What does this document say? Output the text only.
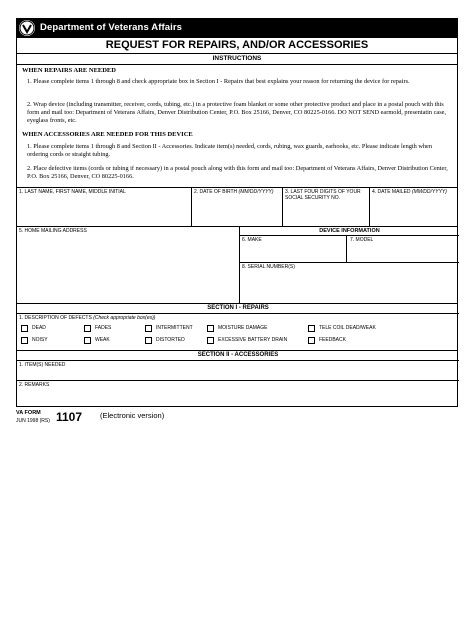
Department of Veterans Affairs
REQUEST FOR REPAIRS, AND/OR ACCESSORIES
INSTRUCTIONS
WHEN REPAIRS ARE NEEDED

1. Please complete items 1 through 8 and check appropriate box in Section I - Repairs that best explains your reason for returning the device for repairs.

2. Wrap device (including transmitter, receiver, cords, tubing, etc.) in a protective foam blanket or some other protective product and place in a postal pouch with this form and mail too: Department of Veterans Affairs, Denver Distribution Center, P.O. Box 25166, Denver, CO 80225-0166. DO NOT SEND earmold, presentatin case, eyeglass fronts, etc.

WHEN ACCESSORIES ARE NEEDED FOR THIS DEVICE

1. Please complete items 1 through 8 and Section II - Accessories. Indicate item(s) needed, cords, rubing, wax guards, earhooks, etc. Please indicate length when ordering cords or straight tubing.

2. Place defective items (cords or tubing if necessary) in a postal pouch along with this form and mail too: Department of Veterans Affairs, Denver Distribution Center, P.O. Box 25166, Denver, CO 80225-0166.

1. LAST NAME, FIRST NAME, MIDDLE INITIAL	2. DATE OF BIRTH (MM/DD/YYYY) 3. LAST FOUR DIGITS OF YOUR SOCIAL SECURITY NO.
4. DATE MAILED (MM/DD/YYYY)
5. HOME MAILING ADDRESS	DEVICE INFORMATION
6. MAKE	7. MODEL
8. SERIAL NUMBER(S)
SECTION I - REPAIRS
1. DESCRIPTION OF DEFECTS (Check appropriate box(es))
DEAD	FADES	INTERMITTENT	MOISTURE DAMAGE	TELE COIL DEAD/WEAK
NOISY	WEAK	DISTORTED	EXCESSIVE BATTERY DRAIN	FEEDBACK
SECTION II - ACCESSORIES
1. ITEM(S) NEEDED
2. REMARKS
VA FORM
JUN 1998 (RS) 1107 (Electronic version)
